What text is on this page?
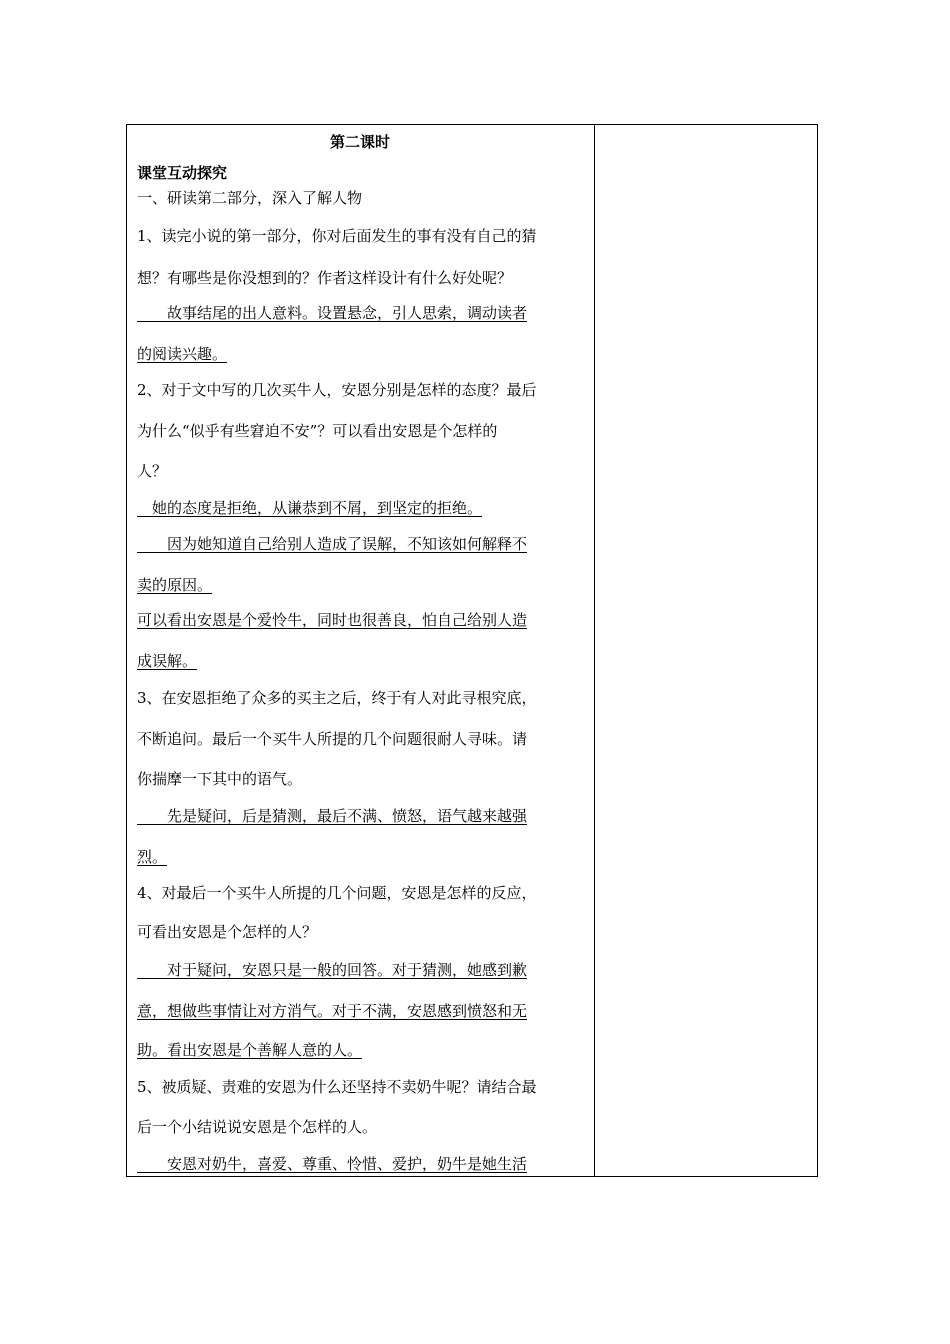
第二课时
课堂互动探究
一、研读第二部分，深入了解人物
1、读完小说的第一部分，你对后面发生的事有没有自己的猜
想？有哪些是你没想到的？作者这样设计有什么好处呢？
　　故事结尾的出人意料。设置悬念，引人思索，调动读者
的阅读兴趣。
2、对于文中写的几次买牛人，安恩分别是怎样的态度？最后
为什么“似乎有些窘迫不安”？可以看出安恩是个怎样的
人？
　她的态度是拒绝，从谦恭到不屑，到坚定的拒绝。
　　因为她知道自己给别人造成了误解，不知该如何解释不
卖的原因。
可以看出安恩是个爱怜牛，同时也很善良，怕自己给别人造
成误解。
3、在安恩拒绝了众多的买主之后，终于有人对此寻根究底，
不断追问。最后一个买牛人所提的几个问题很耐人寻味。请
你揣摩一下其中的语气。
　　先是疑问，后是猜测，最后不满、愤怒，语气越来越强
烈。
4、对最后一个买牛人所提的几个问题，安恩是怎样的反应，
可看出安恩是个怎样的人？
　　对于疑问，安恩只是一般的回答。对于猜测，她感到歉
意，想做些事情让对方消气。对于不满，安恩感到愤怒和无
助。看出安恩是个善解人意的人。
5、被质疑、责难的安恩为什么还坚持不卖奶牛呢？请结合最
后一个小结说说安恩是个怎样的人。
　　安恩对奶牛，喜爱、尊重、怜惜、爱护，奶牛是她生活
